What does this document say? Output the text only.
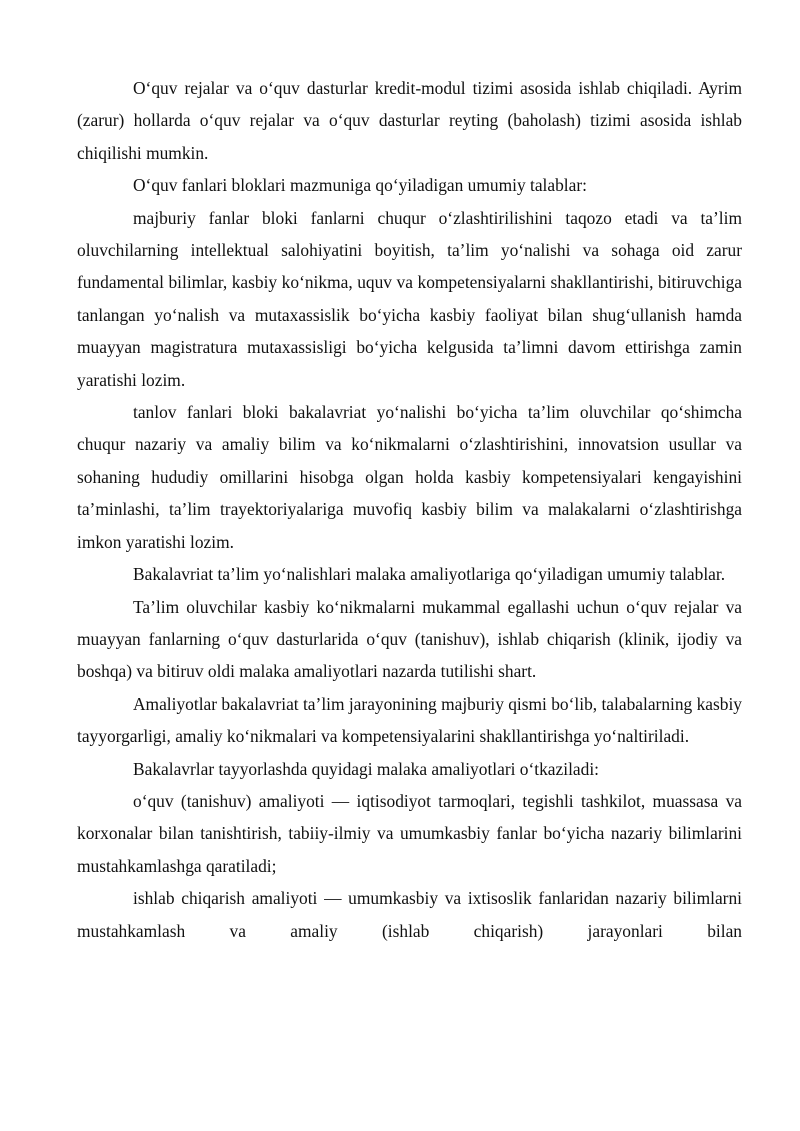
O‘quv rejalar va o‘quv dasturlar kredit-modul tizimi asosida ishlab chiqiladi. Ayrim (zarur) hollarda o‘quv rejalar va o‘quv dasturlar reyting (baholash) tizimi asosida ishlab chiqilishi mumkin.

O‘quv fanlari bloklari mazmuniga qo‘yiladigan umumiy talablar:

majburiy fanlar bloki fanlarni chuqur o‘zlashtirilishini taqozo etadi va ta’lim oluvchilarning intellektual salohiyatini boyitish, ta’lim yo‘nalishi va sohaga oid zarur fundamental bilimlar, kasbiy ko‘nikma, uquv va kompetensiyalarni shakllantirishi, bitiruvchiga tanlangan yo‘nalish va mutaxassislik bo‘yicha kasbiy faoliyat bilan shug‘ullanish hamda muayyan magistratura mutaxassisligi bo‘yicha kelgusida ta’limni davom ettirishga zamin yaratishi lozim.

tanlov fanlari bloki bakalavriat yo‘nalishi bo‘yicha ta’lim oluvchilar qo‘shimcha chuqur nazariy va amaliy bilim va ko‘nikmalarni o‘zlashtirishini, innovatsion usullar va sohaning hududiy omillarini hisobga olgan holda kasbiy kompetensiyalari kengayishini ta’minlashi, ta’lim trayektoriyalariga muvofiq kasbiy bilim va malakalarni o‘zlashtirishga imkon yaratishi lozim.

Bakalavriat ta’lim yo‘nalishlari malaka amaliyotlariga qo‘yiladigan umumiy talablar.

Ta’lim oluvchilar kasbiy ko‘nikmalarni mukammal egallashi uchun o‘quv rejalar va muayyan fanlarning o‘quv dasturlarida o‘quv (tanishuv), ishlab chiqarish (klinik, ijodiy va boshqa) va bitiruv oldi malaka amaliyotlari nazarda tutilishi shart.

Amaliyotlar bakalavriat ta’lim jarayonining majburiy qismi bo‘lib, talabalarning kasbiy tayyorgarligi, amaliy ko‘nikmalari va kompetensiyalarini shakllantirishga yo‘naltiriladi.

Bakalavrlar tayyorlashda quyidagi malaka amaliyotlari o‘tkaziladi:

o‘quv (tanishuv) amaliyoti — iqtisodiyot tarmoqlari, tegishli tashkilot, muassasa va korxonalar bilan tanishtirish, tabiiy-ilmiy va umumkasbiy fanlar bo‘yicha nazariy bilimlarini mustahkamlashga qaratiladi;

ishlab chiqarish amaliyoti — umumkasbiy va ixtisoslik fanlaridan nazariy bilimlarni mustahkamlash va amaliy (ishlab chiqarish) jarayonlari bilan
